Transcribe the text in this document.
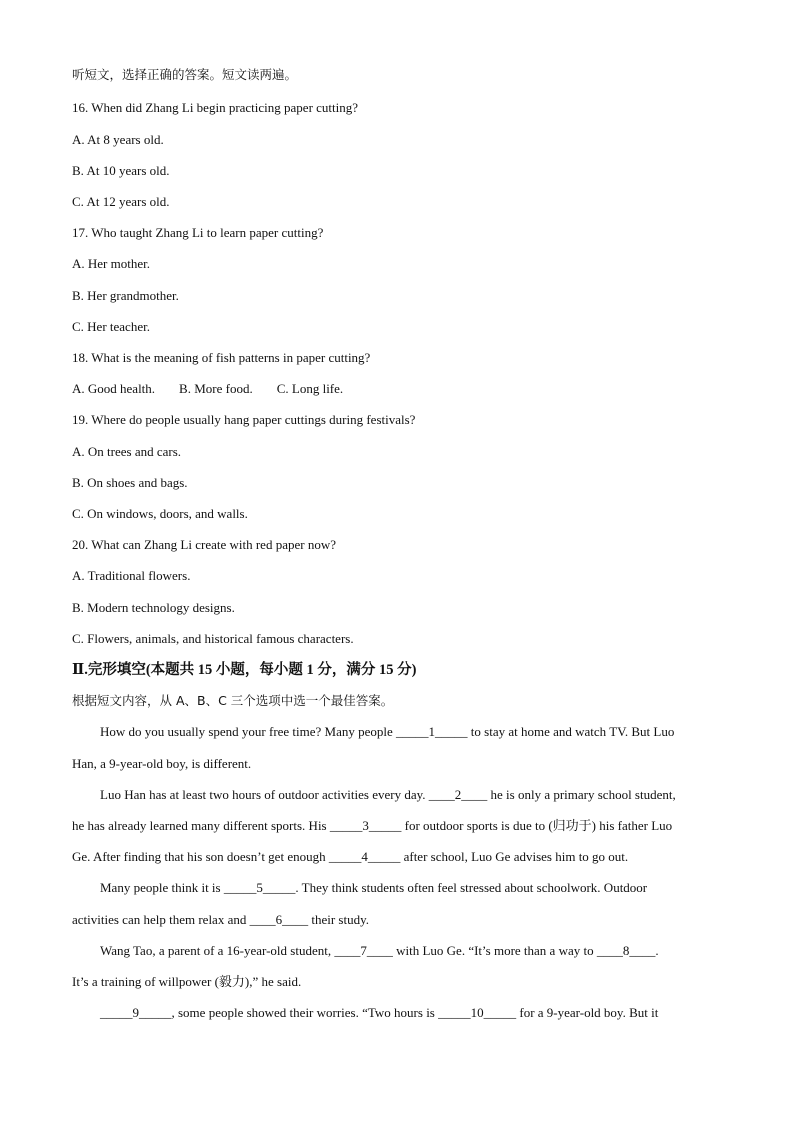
听短文，选择正确的答案。短文读两遍。
16. When did Zhang Li begin practicing paper cutting?
A. At 8 years old.
B. At 10 years old.
C. At 12 years old.
17. Who taught Zhang Li to learn paper cutting?
A. Her mother.
B. Her grandmother.
C. Her teacher.
18. What is the meaning of fish patterns in paper cutting?
A. Good health. B. More food. C. Long life.
19. Where do people usually hang paper cuttings during festivals?
A. On trees and cars.
B. On shoes and bags.
C. On windows, doors, and walls.
20. What can Zhang Li create with red paper now?
A. Traditional flowers.
B. Modern technology designs.
C. Flowers, animals, and historical famous characters.
Ⅱ.完形填空(本题共 15 小题，每小题 1 分，满分 15 分)
根据短文内容，从 A、B、C 三个选项中选一个最佳答案。
How do you usually spend your free time? Many people _____1_____ to stay at home and watch TV. But Luo
Han, a 9-year-old boy, is different.
Luo Han has at least two hours of outdoor activities every day. ____2____ he is only a primary school student,
he has already learned many different sports. His _____3_____ for outdoor sports is due to (归功于) his father Luo
Ge. After finding that his son doesn’t get enough _____4_____ after school, Luo Ge advises him to go out.
Many people think it is _____5_____. They think students often feel stressed about schoolwork. Outdoor
activities can help them relax and ____6____ their study.
Wang Tao, a parent of a 16-year-old student, ____7____ with Luo Ge. “It’s more than a way to ____8____.
It’s a training of willpower (毅力),” he said.
_____9_____, some people showed their worries. “Two hours is _____10_____ for a 9-year-old boy. But it
